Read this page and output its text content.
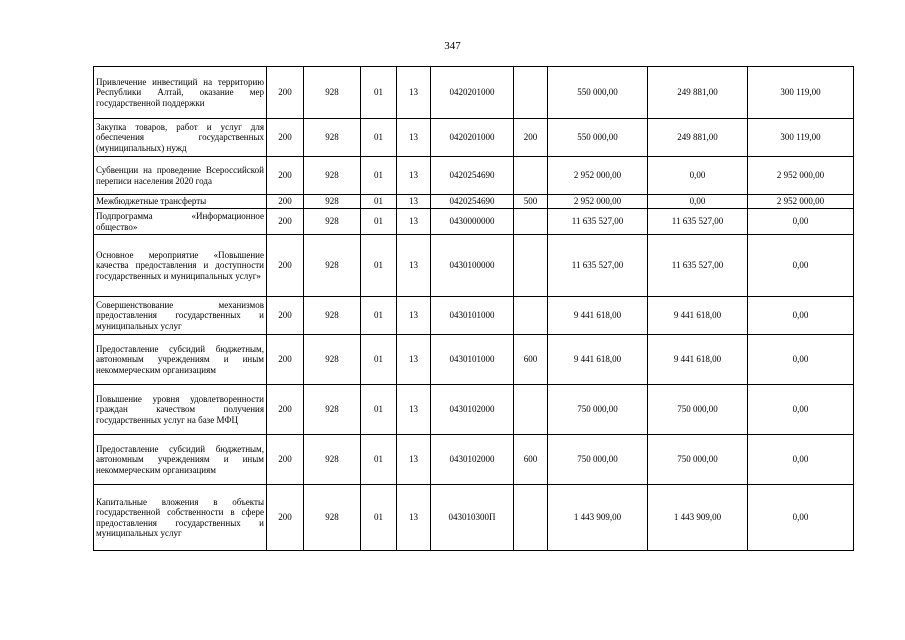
347
Привлечение инвестиций на территорию Республики Алтай, оказание мер государственной поддержки	200	928	01	13	0420201000		550 000,00	249 881,00	300 119,00
Закупка товаров, работ и услуг для обеспечения государственных (муниципальных) нужд	200	928	01	13	0420201000	200	550 000,00	249 881,00	300 119,00
Субвенции на проведение Всероссийской переписи населения 2020 года	200	928	01	13	0420254690		2 952 000,00	0,00	2 952 000,00
Межбюджетные трансферты	200	928	01	13	0420254690	500	2 952 000,00	0,00	2 952 000,00
Подпрограмма «Информационное общество»	200	928	01	13	0430000000		11 635 527,00	11 635 527,00	0,00
Основное мероприятие «Повышение качества предоставления и доступности государственных и муниципальных услуг»	200	928	01	13	0430100000		11 635 527,00	11 635 527,00	0,00
Совершенствование механизмов предоставления государственных и муниципальных услуг	200	928	01	13	0430101000		9 441 618,00	9 441 618,00	0,00
Предоставление субсидий бюджетным, автономным учреждениям и иным некоммерческим организациям	200	928	01	13	0430101000	600	9 441 618,00	9 441 618,00	0,00
Повышение уровня удовлетворенности граждан качеством получения государственных услуг на базе МФЦ	200	928	01	13	0430102000		750 000,00	750 000,00	0,00
Предоставление субсидий бюджетным, автономным учреждениям и иным некоммерческим организациям	200	928	01	13	0430102000	600	750 000,00	750 000,00	0,00
Капитальные вложения в объекты государственной собственности в сфере предоставления государственных и муниципальных услуг	200	928	01	13	043010300П		1 443 909,00	1 443 909,00	0,00
